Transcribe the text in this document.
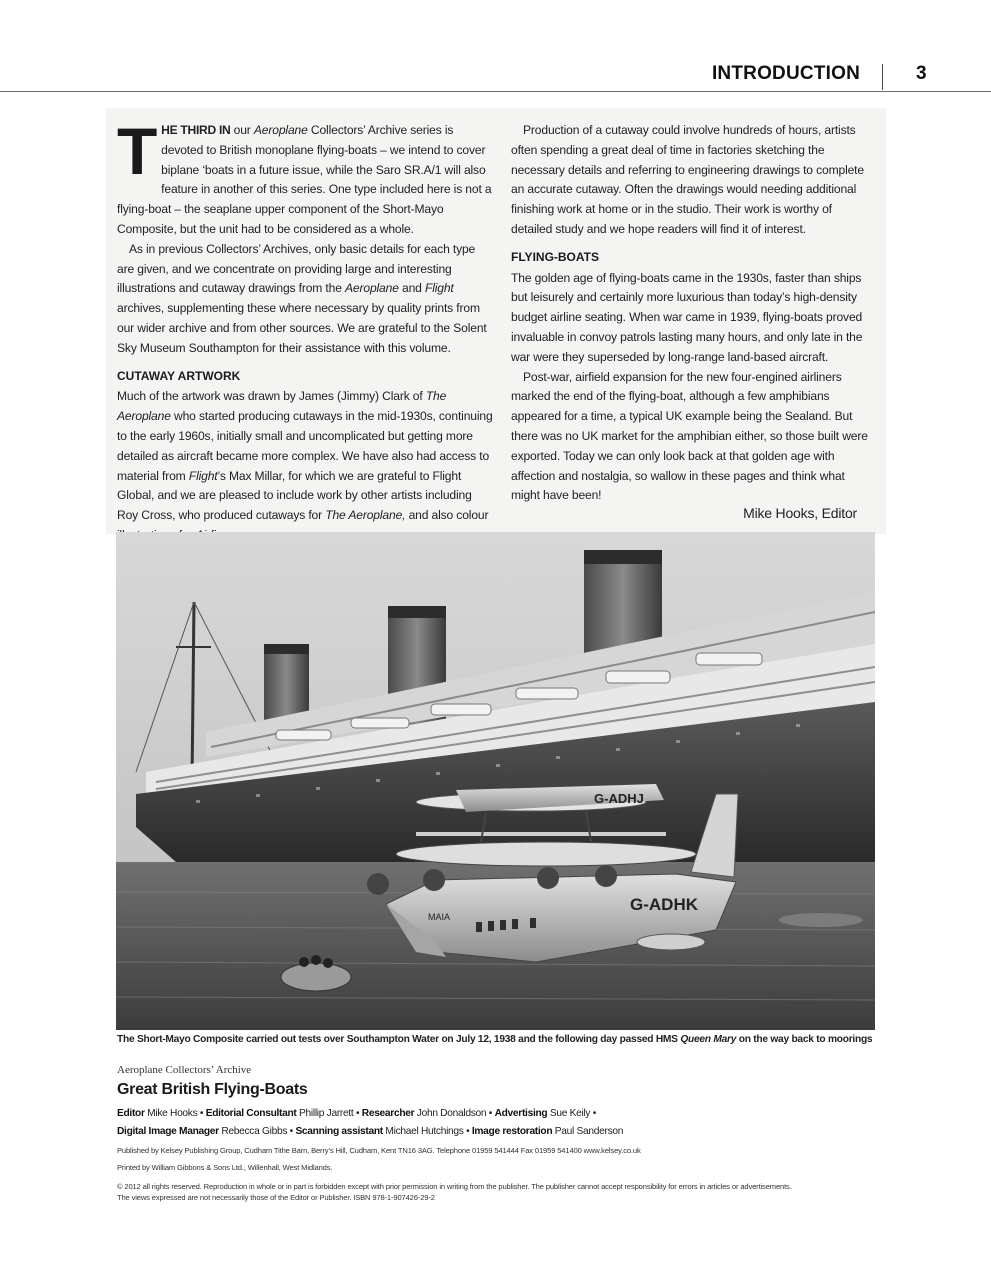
INTRODUCTION	3

THE THIRD IN our Aeroplane Collectors’ Archive series is devoted to British monoplane flying-boats – we intend to cover biplane ‘boats in a future issue, while the Saro SR.A/1 will also feature in another of this series. One type included here is not a flying-boat – the seaplane upper component of the Short-Mayo Composite, but the unit had to be considered as a whole.

As in previous Collectors’ Archives, only basic details for each type are given, and we concentrate on providing large and interesting illustrations and cutaway drawings from the Aeroplane and Flight archives, supplementing these where necessary by quality prints from our wider archive and from other sources. We are grateful to the Solent Sky Museum Southampton for their assistance with this volume.

CUTAWAY ARTWORK

Much of the artwork was drawn by James (Jimmy) Clark of The Aeroplane who started producing cutaways in the mid-1930s, continuing to the early 1960s, initially small and uncomplicated but getting more detailed as aircraft became more complex. We have also had access to material from Flight’s Max Millar, for which we are grateful to Flight Global, and we are pleased to include work by other artists including Roy Cross, who produced cutaways for The Aeroplane, and also colour

Production of a cutaway could involve hundreds of hours, artists often spending a great deal of time in factories sketching the necessary details and referring to engineering drawings to complete an accurate cutaway. Often the drawings would needing additional finishing work at home or in the studio. Their work is worthy of detailed study and we hope readers will find it of interest.

FLYING-BOATS

The golden age of flying-boats came in the 1930s, faster than ships but leisurely and certainly more luxurious than today’s high-density budget airline seating. When war came in 1939, flying-boats proved invaluable in convoy patrols lasting many hours, and only late in the war were they superseded by long-range land-based aircraft.

Post-war, airfield expansion for the new four-engined airliners marked the end of the flying-boat, although a few amphibians appeared for a time, a typical UK example being the Sealand. But there was no UK market for the amphibian either, so those built were exported. Today we can only look back at that golden age with affection and nostalgia, so wallow in these pages and think what might have been!

Mike Hooks, Editor
G-ADHJ
MAIA
G-ADHK
The Short-Mayo Composite carried out tests over Southampton Water on July 12, 1938 and the following day passed HMS Queen Mary on the way back to moorings
Aeroplane Collectors’ Archive
Great British Flying-Boats
Editor Mike Hooks • Editorial Consultant Phillip Jarrett • Researcher John Donaldson • Advertising Sue Keily •
Digital Image Manager Rebecca Gibbs • Scanning assistant Michael Hutchings • Image restoration Paul Sanderson
Published by Kelsey Publishing Group, Cudham Tithe Barn, Berry’s Hill, Cudham, Kent TN16 3AG. Telephone 01959 541444 Fax 01959 541400 www.kelsey.co.uk
Printed by William Gibbons & Sons Ltd., Willenhall, West Midlands.
© 2012 all rights reserved. Reproduction in whole or in part is forbidden except with prior permission in writing from the publisher. The publisher cannot accept responsibility for errors in articles or advertisements.
The views expressed are not necessarily those of the Editor or Publisher. ISBN 978-1-907426-29-2
